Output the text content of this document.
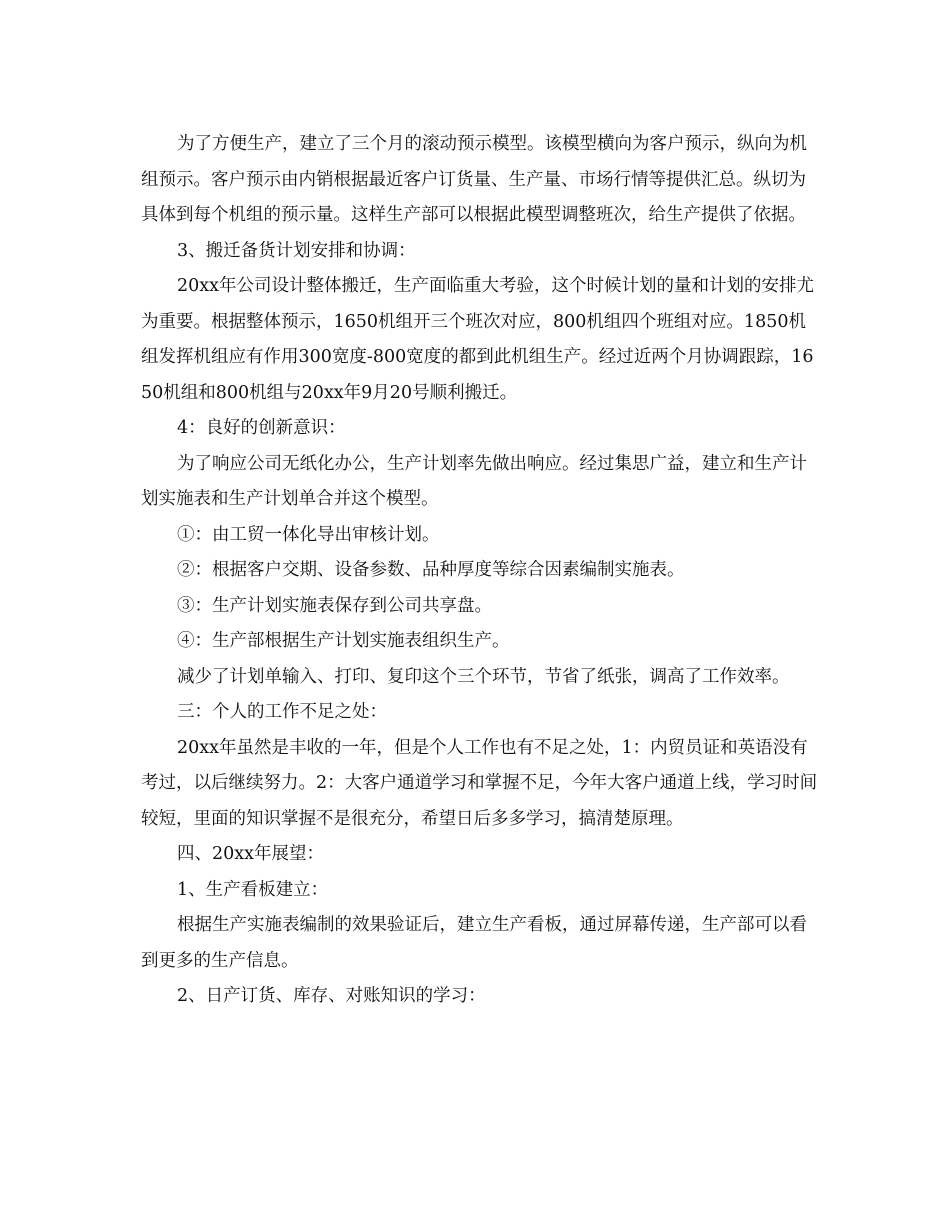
为了方便生产，建立了三个月的滚动预示模型。该模型横向为客户预示，纵向为机组预示。客户预示由内销根据最近客户订货量、生产量、市场行情等提供汇总。纵切为具体到每个机组的预示量。这样生产部可以根据此模型调整班次，给生产提供了依据。

3、搬迁备货计划安排和协调：

20xx年公司设计整体搬迁，生产面临重大考验，这个时候计划的量和计划的安排尤为重要。根据整体预示，1650机组开三个班次对应，800机组四个班组对应。1850机组发挥机组应有作用300宽度-800宽度的都到此机组生产。经过近两个月协调跟踪，1650机组和800机组与20xx年9月20号顺利搬迁。

4：良好的创新意识：

为了响应公司无纸化办公，生产计划率先做出响应。经过集思广益，建立和生产计划实施表和生产计划单合并这个模型。

①：由工贸一体化导出审核计划。

②：根据客户交期、设备参数、品种厚度等综合因素编制实施表。

③：生产计划实施表保存到公司共享盘。

④：生产部根据生产计划实施表组织生产。

减少了计划单输入、打印、复印这个三个环节，节省了纸张，调高了工作效率。

三：个人的工作不足之处：

20xx年虽然是丰收的一年，但是个人工作也有不足之处，1：内贸员证和英语没有考过，以后继续努力。2：大客户通道学习和掌握不足，今年大客户通道上线，学习时间较短，里面的知识掌握不是很充分，希望日后多多学习，搞清楚原理。

四、20xx年展望：

1、生产看板建立：

根据生产实施表编制的效果验证后，建立生产看板，通过屏幕传递，生产部可以看到更多的生产信息。

2、日产订货、库存、对账知识的学习：
